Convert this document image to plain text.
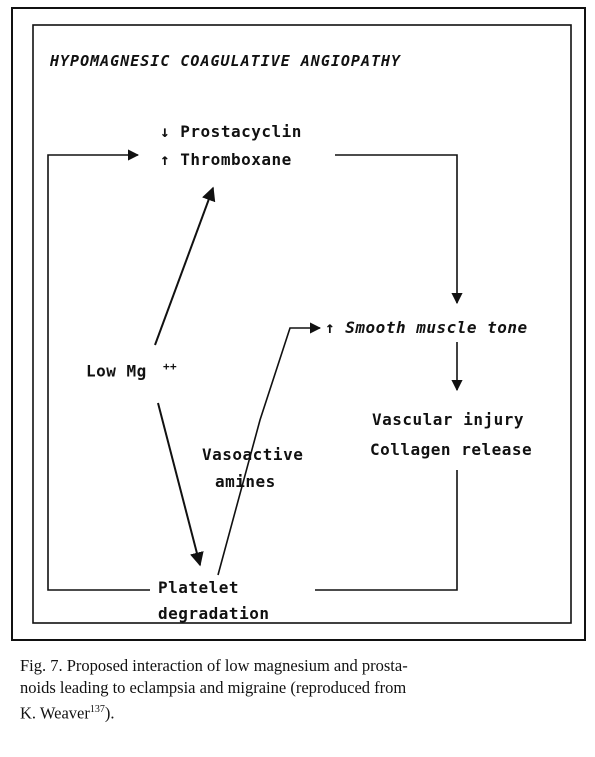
HYPOMAGNESIC COAGULATIVE ANGIOPATHY
↓ Prostacyclin
↑ Thromboxane
Low Mg ++
↑ Smooth muscle tone
Vascular injury
Collagen release
Vasoactive
amines
Platelet
degradation
Fig. 7. Proposed interaction of low magnesium and prosta-
noids leading to eclampsia and migraine (reproduced from
K. Weaver$^{137}$).
